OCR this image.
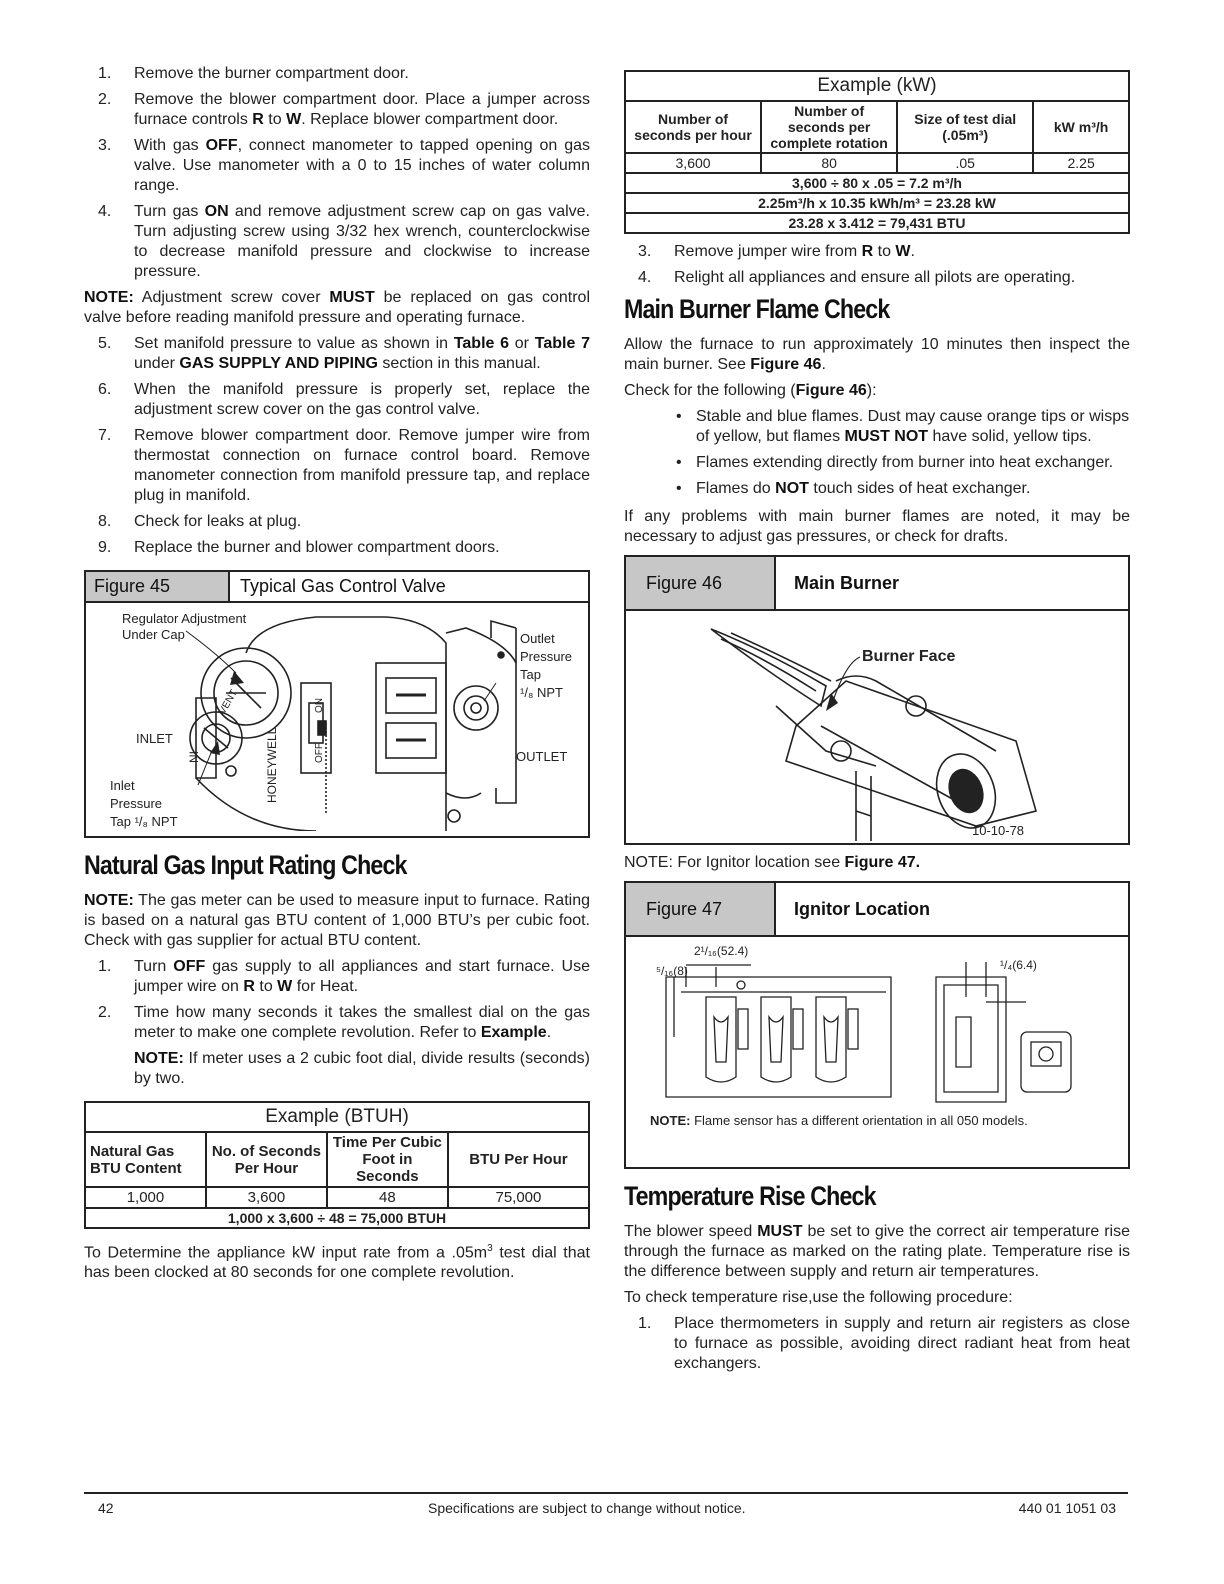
1. Remove the burner compartment door.
2. Remove the blower compartment door. Place a jumper across furnace controls R to W. Replace blower compartment door.
3. With gas OFF, connect manometer to tapped opening on gas valve. Use manometer with a 0 to 15 inches of water column range.
4. Turn gas ON and remove adjustment screw cap on gas valve. Turn adjusting screw using 3/32 hex wrench, counterclockwise to decrease manifold pressure and clockwise to increase pressure.

NOTE: Adjustment screw cover MUST be replaced on gas control valve before reading manifold pressure and operating furnace.

5. Set manifold pressure to value as shown in Table 6 or Table 7 under GAS SUPPLY AND PIPING section in this manual.
6. When the manifold pressure is properly set, replace the adjustment screw cover on the gas control valve.
7. Remove blower compartment door. Remove jumper wire from thermostat connection on furnace control board. Remove manometer connection from manifold pressure tap, and replace plug in manifold.
8. Check for leaks at plug.
9. Replace the burner and blower compartment doors.
Figure 45	Typical Gas Control Valve
Regulator Adjustment
Under Cap
INLET
Inlet
Pressure
Tap ¹/₈ NPT
Outlet
Pressure
Tap
¹/₈ NPT
OUTLET
ON
OFF
HONEYWELL
VENT
NI
Natural Gas Input Rating Check

NOTE: The gas meter can be used to measure input to furnace. Rating is based on a natural gas BTU content of 1,000 BTU’s per cubic foot. Check with gas supplier for actual BTU content.

1. Turn OFF gas supply to all appliances and start furnace. Use jumper wire on R to W for Heat.
2. Time how many seconds it takes the smallest dial on the gas meter to make one complete revolution. Refer to Example.
NOTE: If meter uses a 2 cubic foot dial, divide results (seconds) by two.
Example (BTUH)			
Natural Gas BTU Content	No. of Seconds Per Hour	Time Per Cubic Foot in Seconds	BTU Per Hour
1,000	3,600	48	75,000
1,000 x 3,600 ÷ 48 = 75,000 BTUH			

To Determine the appliance kW input rate from a $.05m^3$ test dial that has been clocked at 80 seconds for one complete revolution.

Example (kW)			
Number of seconds per hour	Number of seconds per complete rotation	Size of test dial (.05m³)	kW m³/h
3,600	80	.05	2.25
3,600 ÷ 80 x .05 = 7.2 m³/h			
2.25m³/h x 10.35 kWh/m³ = 23.28 kW			
23.28 x 3.412 = 79,431 BTU			
3. Remove jumper wire from R to W.
4. Relight all appliances and ensure all pilots are operating.
Main Burner Flame Check

Allow the furnace to run approximately 10 minutes then inspect the main burner. See Figure 46.

Check for the following (Figure 46):

• Stable and blue flames. Dust may cause orange tips or wisps of yellow, but flames MUST NOT have solid, yellow tips.
• Flames extending directly from burner into heat exchanger.
• Flames do NOT touch sides of heat exchanger.

If any problems with main burner flames are noted, it may be necessary to adjust gas pressures, or check for drafts.

Figure 46	Main Burner
Burner Face
10-10-78

NOTE: For Ignitor location see Figure 47.

Figure 47	Ignitor Location
2¹/₁₆(52.4)
⁵/₁₆(8)	¹/₄(6.4)
NOTE: Flame sensor has a different orientation in all 050 models.
Temperature Rise Check

The blower speed MUST be set to give the correct air temperature rise through the furnace as marked on the rating plate. Temperature rise is the difference between supply and return air temperatures.

To check temperature rise,use the following procedure:

1. Place thermometers in supply and return air registers as close to furnace as possible, avoiding direct radiant heat from heat exchangers.
42	Specifications are subject to change without notice.	440 01 1051 03
